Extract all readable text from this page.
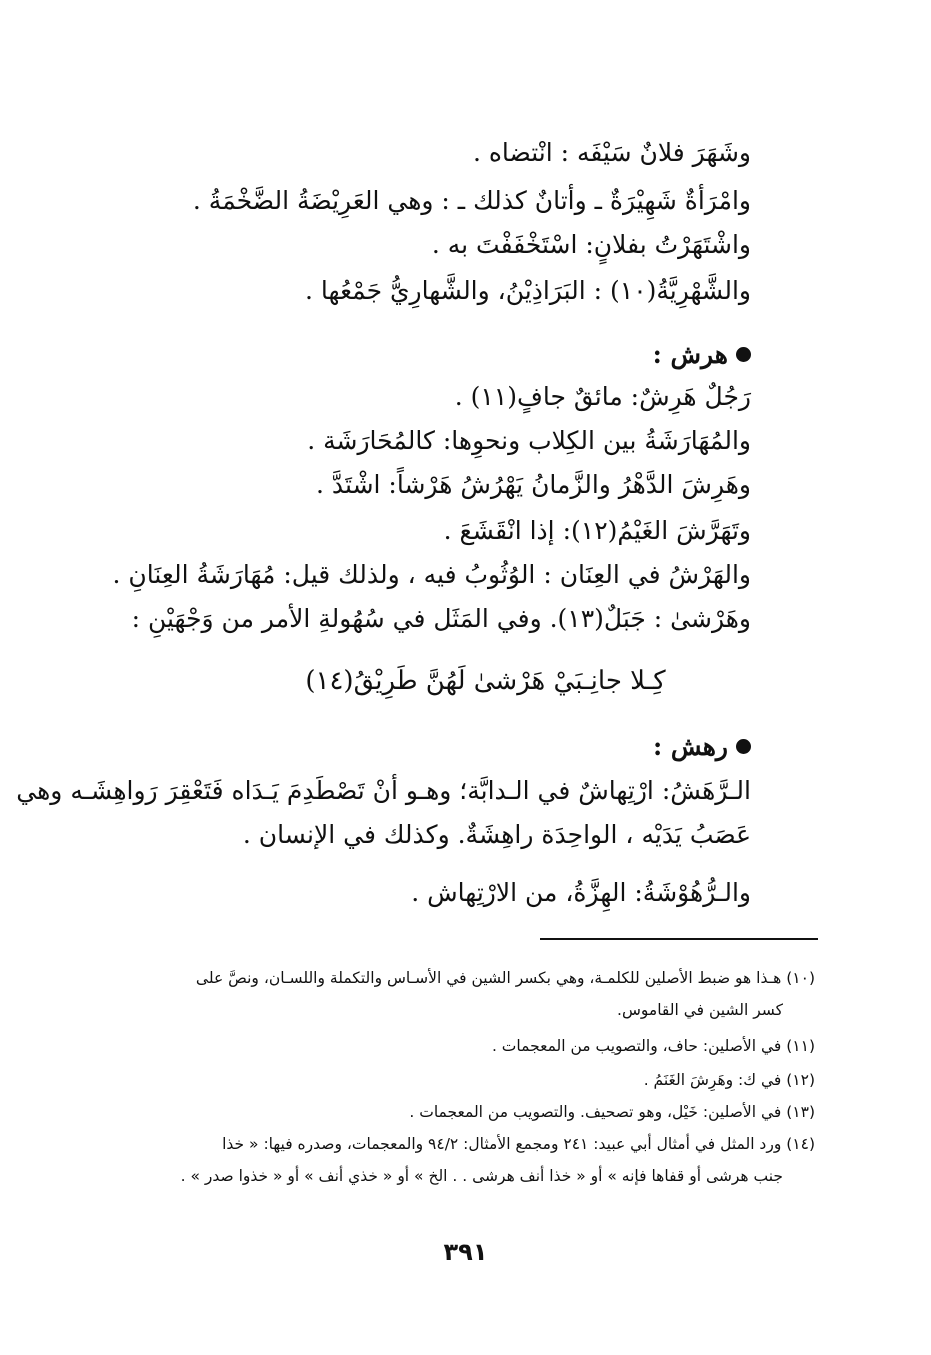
وشَهَرَ فلانٌ سَيْفَه : انْتضاه .
وامْرَأةٌ شَهِيْرَةٌ ـ وأتانٌ كذلك ـ : وهي العَرِيْضَةُ الضَّخْمَةُ .
واشْتَهَرْتُ بفلانٍ: اسْتَخْفَفْتَ به .
والشَّهْرِيَّةُ(١٠) : البَرَاذِيْنُ، والشَّهارِيُّ جَمْعُها .
هرش :
رَجُلٌ هَرِشٌ: مائقٌ جافٍ(١١) .
والمُهَارَشَةُ بين الكِلاب ونحوِها: كالمُحَارَشَة .
وهَرِشَ الدَّهْرُ والزَّمانُ يَهْرُشُ هَرْشاً: اشْتَدَّ .
وتَهَرَّشَ الغَيْمُ(١٢): إذا انْقَشَعَ .
والهَرْشُ في العِنَان : الوُثُوبُ فيه ، ولذلك قيل: مُهَارَشَةُ العِنَانِ .
وهَرْشىٰ : جَبَلٌ(١٣). وفي المَثَل في سُهُولةِ الأمر من وَجْهَيْنِ :
كِـلا جانِـبَيْ هَرْشىٰ لَهُنَّ طَرِيْقُ(١٤)
رهش :
الـرَّهَشُ: ارْتِهاشٌ في الـدابَّة؛ وهـو أنْ تَصْطَدِمَ يَـدَاه فَتَعْقِرَ رَواهِشَـه وهي
عَصَبُ يَدَيْه ، الواحِدَة راهِشَةٌ. وكذلك في الإنسان .
والـرُّهُوْشَةُ: الهِزَّةُ، من الارْتِهاش .
(١٠) هـذا هو ضبط الأصلين للكلمـة، وهي بكسر الشين في الأسـاس والتكملة واللسـان، ونصَّ على
كسر الشين في القاموس.
(١١) في الأصلين: حاف، والتصويب من المعجمات .
(١٢) في ك: وهَرِشَ الغَنَمُ .
(١٣) في الأصلين: خَيْل، وهو تصحيف. والتصويب من المعجمات .
(١٤) ورد المثل في أمثال أبي عبيد: ٢٤١ ومجمع الأمثال: ٩٤/٢ والمعجمات، وصدره فيها: « خذا
جنب هرشى أو قفاها فإنه » أو « خذا أنف هرشى . . الخ » أو « خذي أنف » أو « خذوا صدر » .
٣٩١
